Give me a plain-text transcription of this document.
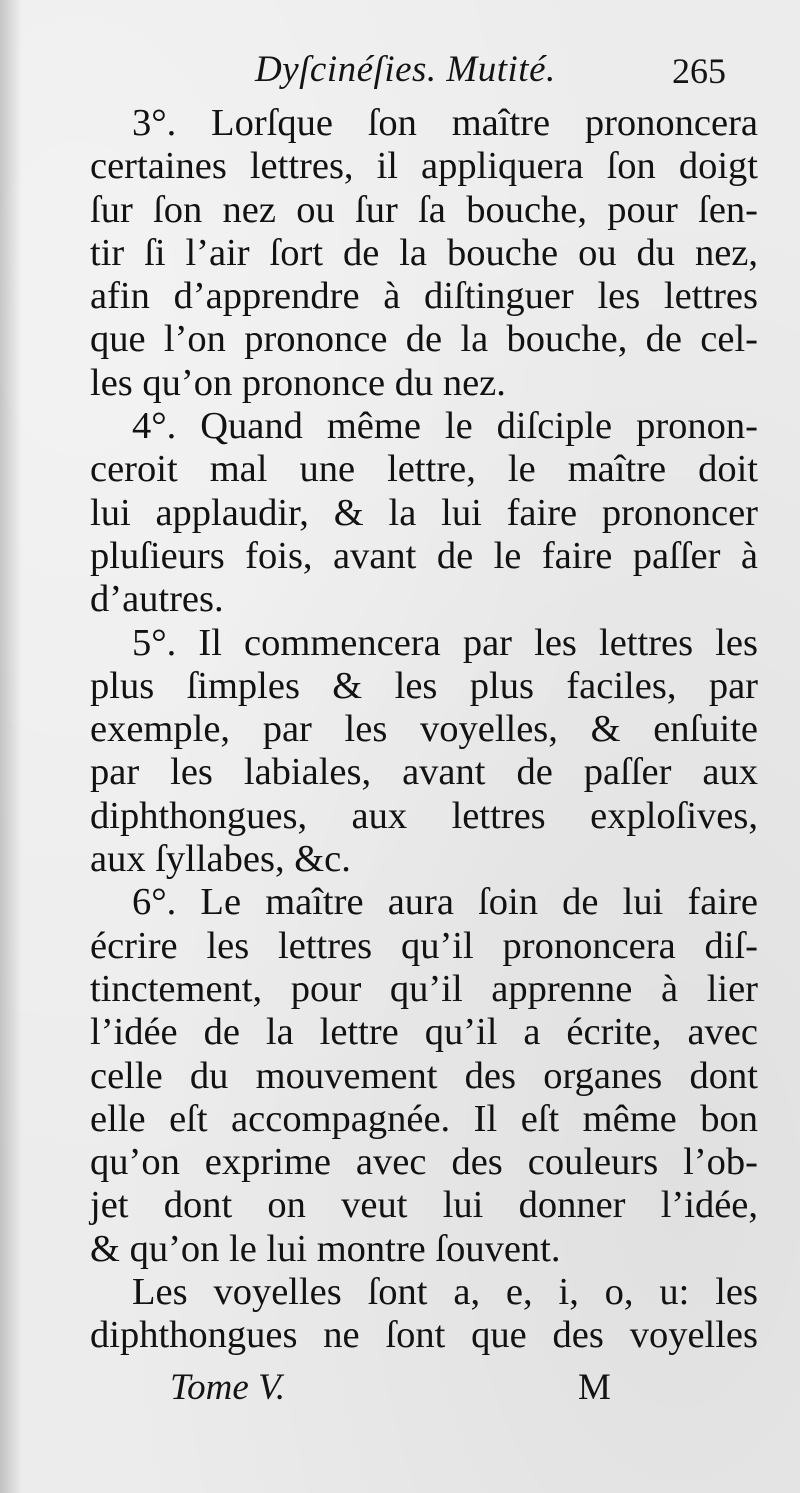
Dyſcinéſies. Mutité.	265
3°. Lorſque ſon maître prononcera
certaines lettres, il appliquera ſon doigt
ſur ſon nez ou ſur ſa bouche, pour ſen-
tir ſi l’air ſort de la bouche ou du nez,
afin d’apprendre à diſtinguer les lettres
que l’on prononce de la bouche, de cel-
les qu’on prononce du nez.
4°. Quand même le diſciple pronon-
ceroit mal une lettre, le maître doit
lui applaudir, & la lui faire prononcer
pluſieurs fois, avant de le faire paſſer à
d’autres.
5°. Il commencera par les lettres les
plus ſimples & les plus faciles, par
exemple, par les voyelles, & enſuite
par les labiales, avant de paſſer aux
diphthongues, aux lettres exploſives,
aux ſyllabes, &c.
6°. Le maître aura ſoin de lui faire
écrire les lettres qu’il prononcera diſ-
tinctement, pour qu’il apprenne à lier
l’idée de la lettre qu’il a écrite, avec
celle du mouvement des organes dont
elle eſt accompagnée. Il eſt même bon
qu’on exprime avec des couleurs l’ob-
jet dont on veut lui donner l’idée,
& qu’on le lui montre ſouvent.
Les voyelles ſont a, e, i, o, u: les
diphthongues ne ſont que des voyelles
Tome V.	M
